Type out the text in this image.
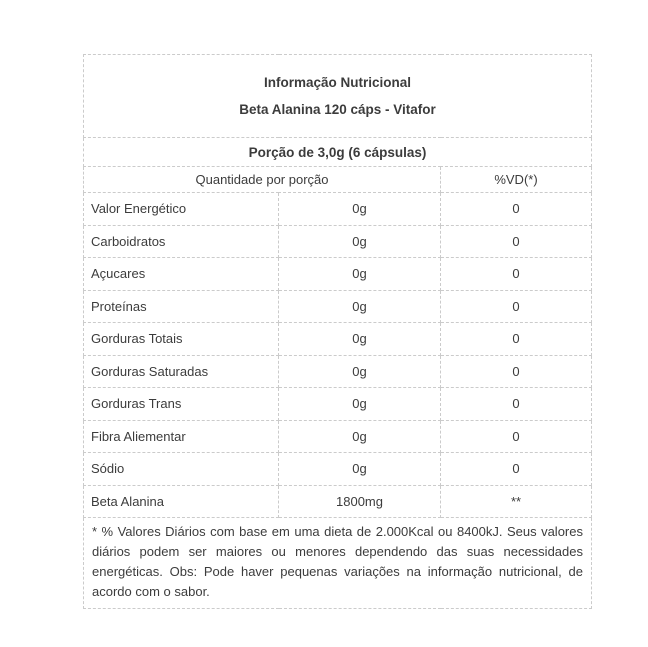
Informação Nutricional
Beta Alanina 120 cáps - Vitafor		

Porção de 3,0g (6 cápsulas)		
Quantidade por porção		%VD(*)
Valor Energético	0g	0
Carboidratos	0g	0
Açucares	0g	0
Proteínas	0g	0
Gorduras Totais	0g	0
Gorduras Saturadas	0g	0
Gorduras Trans	0g	0
Fibra Aliementar	0g	0
Sódio	0g	0
Beta Alanina	1800mg	**
* % Valores Diários com base em uma dieta de 2.000Kcal ou 8400kJ. Seus valores diários podem ser maiores ou menores dependendo das suas necessidades energéticas. Obs: Pode haver pequenas variações na informação nutricional, de acordo com o sabor.		
